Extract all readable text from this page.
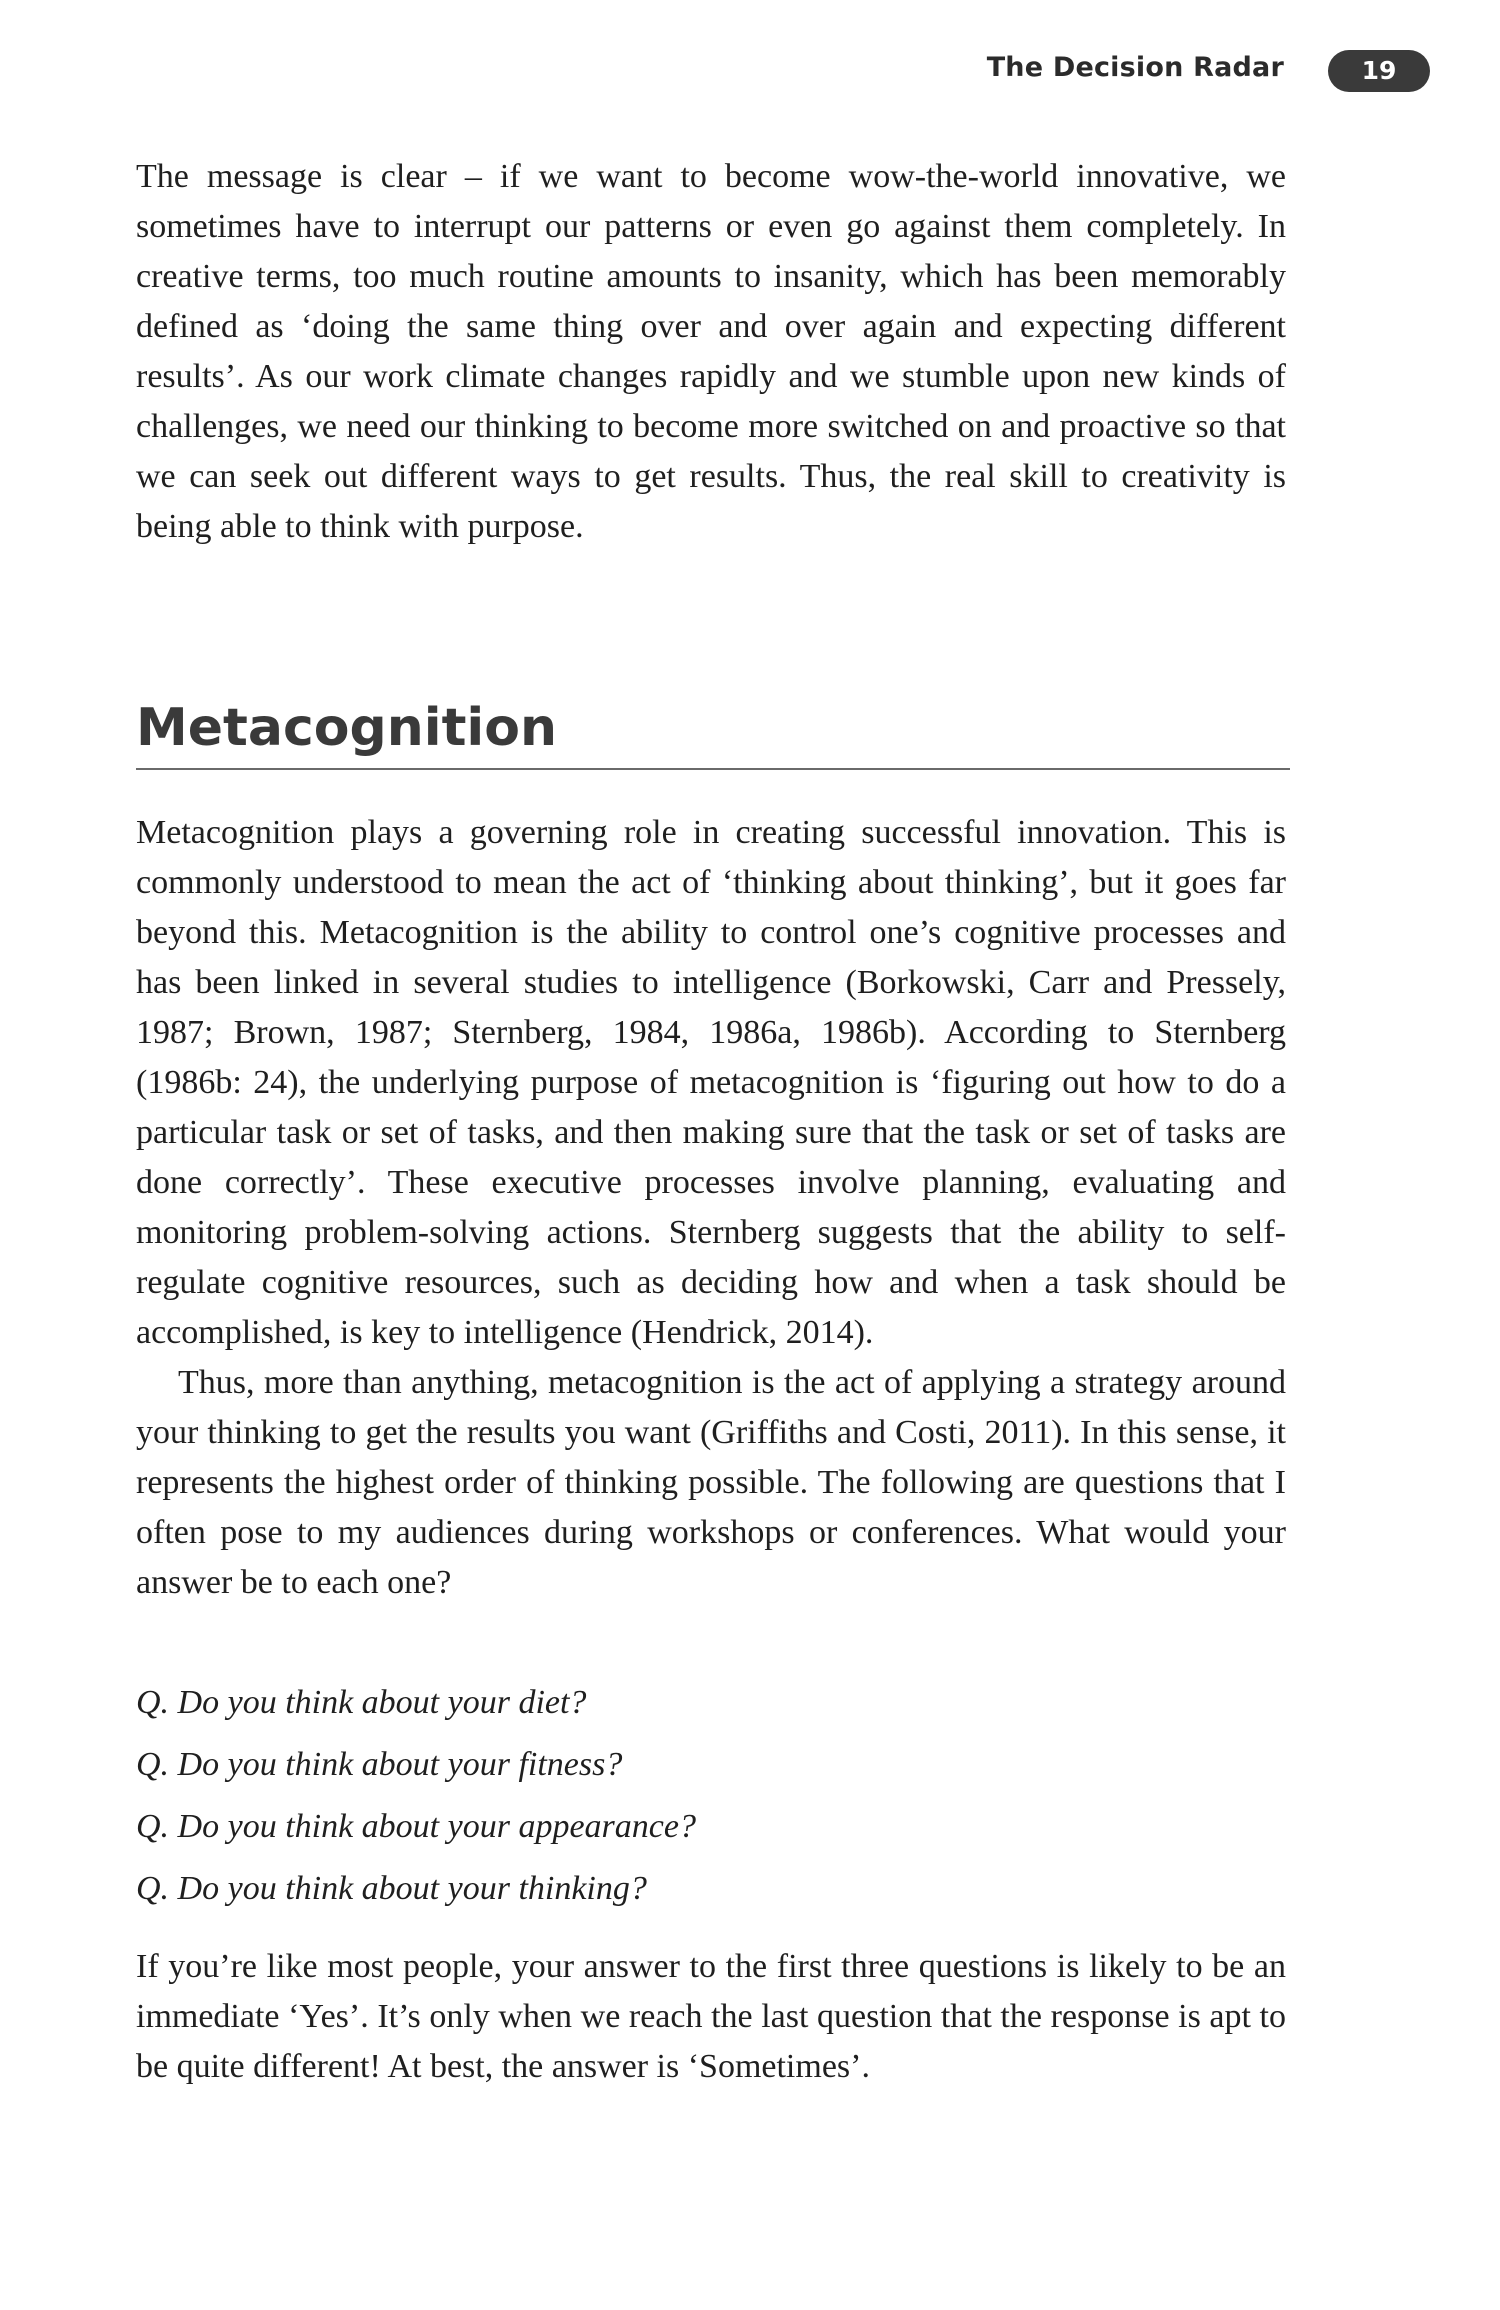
The Decision Radar	19

The message is clear – if we want to become wow-the-world innovative, we sometimes have to interrupt our patterns or even go against them completely. In creative terms, too much routine amounts to insanity, which has been memorably defined as ‘doing the same thing over and over again and expecting different results’. As our work climate changes rapidly and we stumble upon new kinds of challenges, we need our thinking to become more switched on and proactive so that we can seek out different ways to get results. Thus, the real skill to creativity is being able to think with purpose.

Metacognition

Metacognition plays a governing role in creating successful innovation. This is commonly understood to mean the act of ‘thinking about thinking’, but it goes far beyond this. Metacognition is the ability to control one’s cognitive processes and has been linked in several studies to intelligence (Borkowski, Carr and Pressely, 1987; Brown, 1987; Sternberg, 1984, 1986a, 1986b). According to Sternberg (1986b: 24), the underlying purpose of metacognition is ‘figuring out how to do a particular task or set of tasks, and then making sure that the task or set of tasks are done correctly’. These executive processes involve planning, evaluating and monitoring problem-solving actions. Sternberg suggests that the ability to self-regulate cognitive resources, such as deciding how and when a task should be accomplished, is key to intelligence (Hendrick, 2014).

Thus, more than anything, metacognition is the act of applying a strategy around your thinking to get the results you want (Griffiths and Costi, 2011). In this sense, it represents the highest order of thinking possible. The following are questions that I often pose to my audiences during workshops or conferences. What would your answer be to each one?

Q. Do you think about your diet?
Q. Do you think about your fitness?
Q. Do you think about your appearance?
Q. Do you think about your thinking?

If you’re like most people, your answer to the first three questions is likely to be an immediate ‘Yes’. It’s only when we reach the last question that the response is apt to be quite different! At best, the answer is ‘Sometimes’.
